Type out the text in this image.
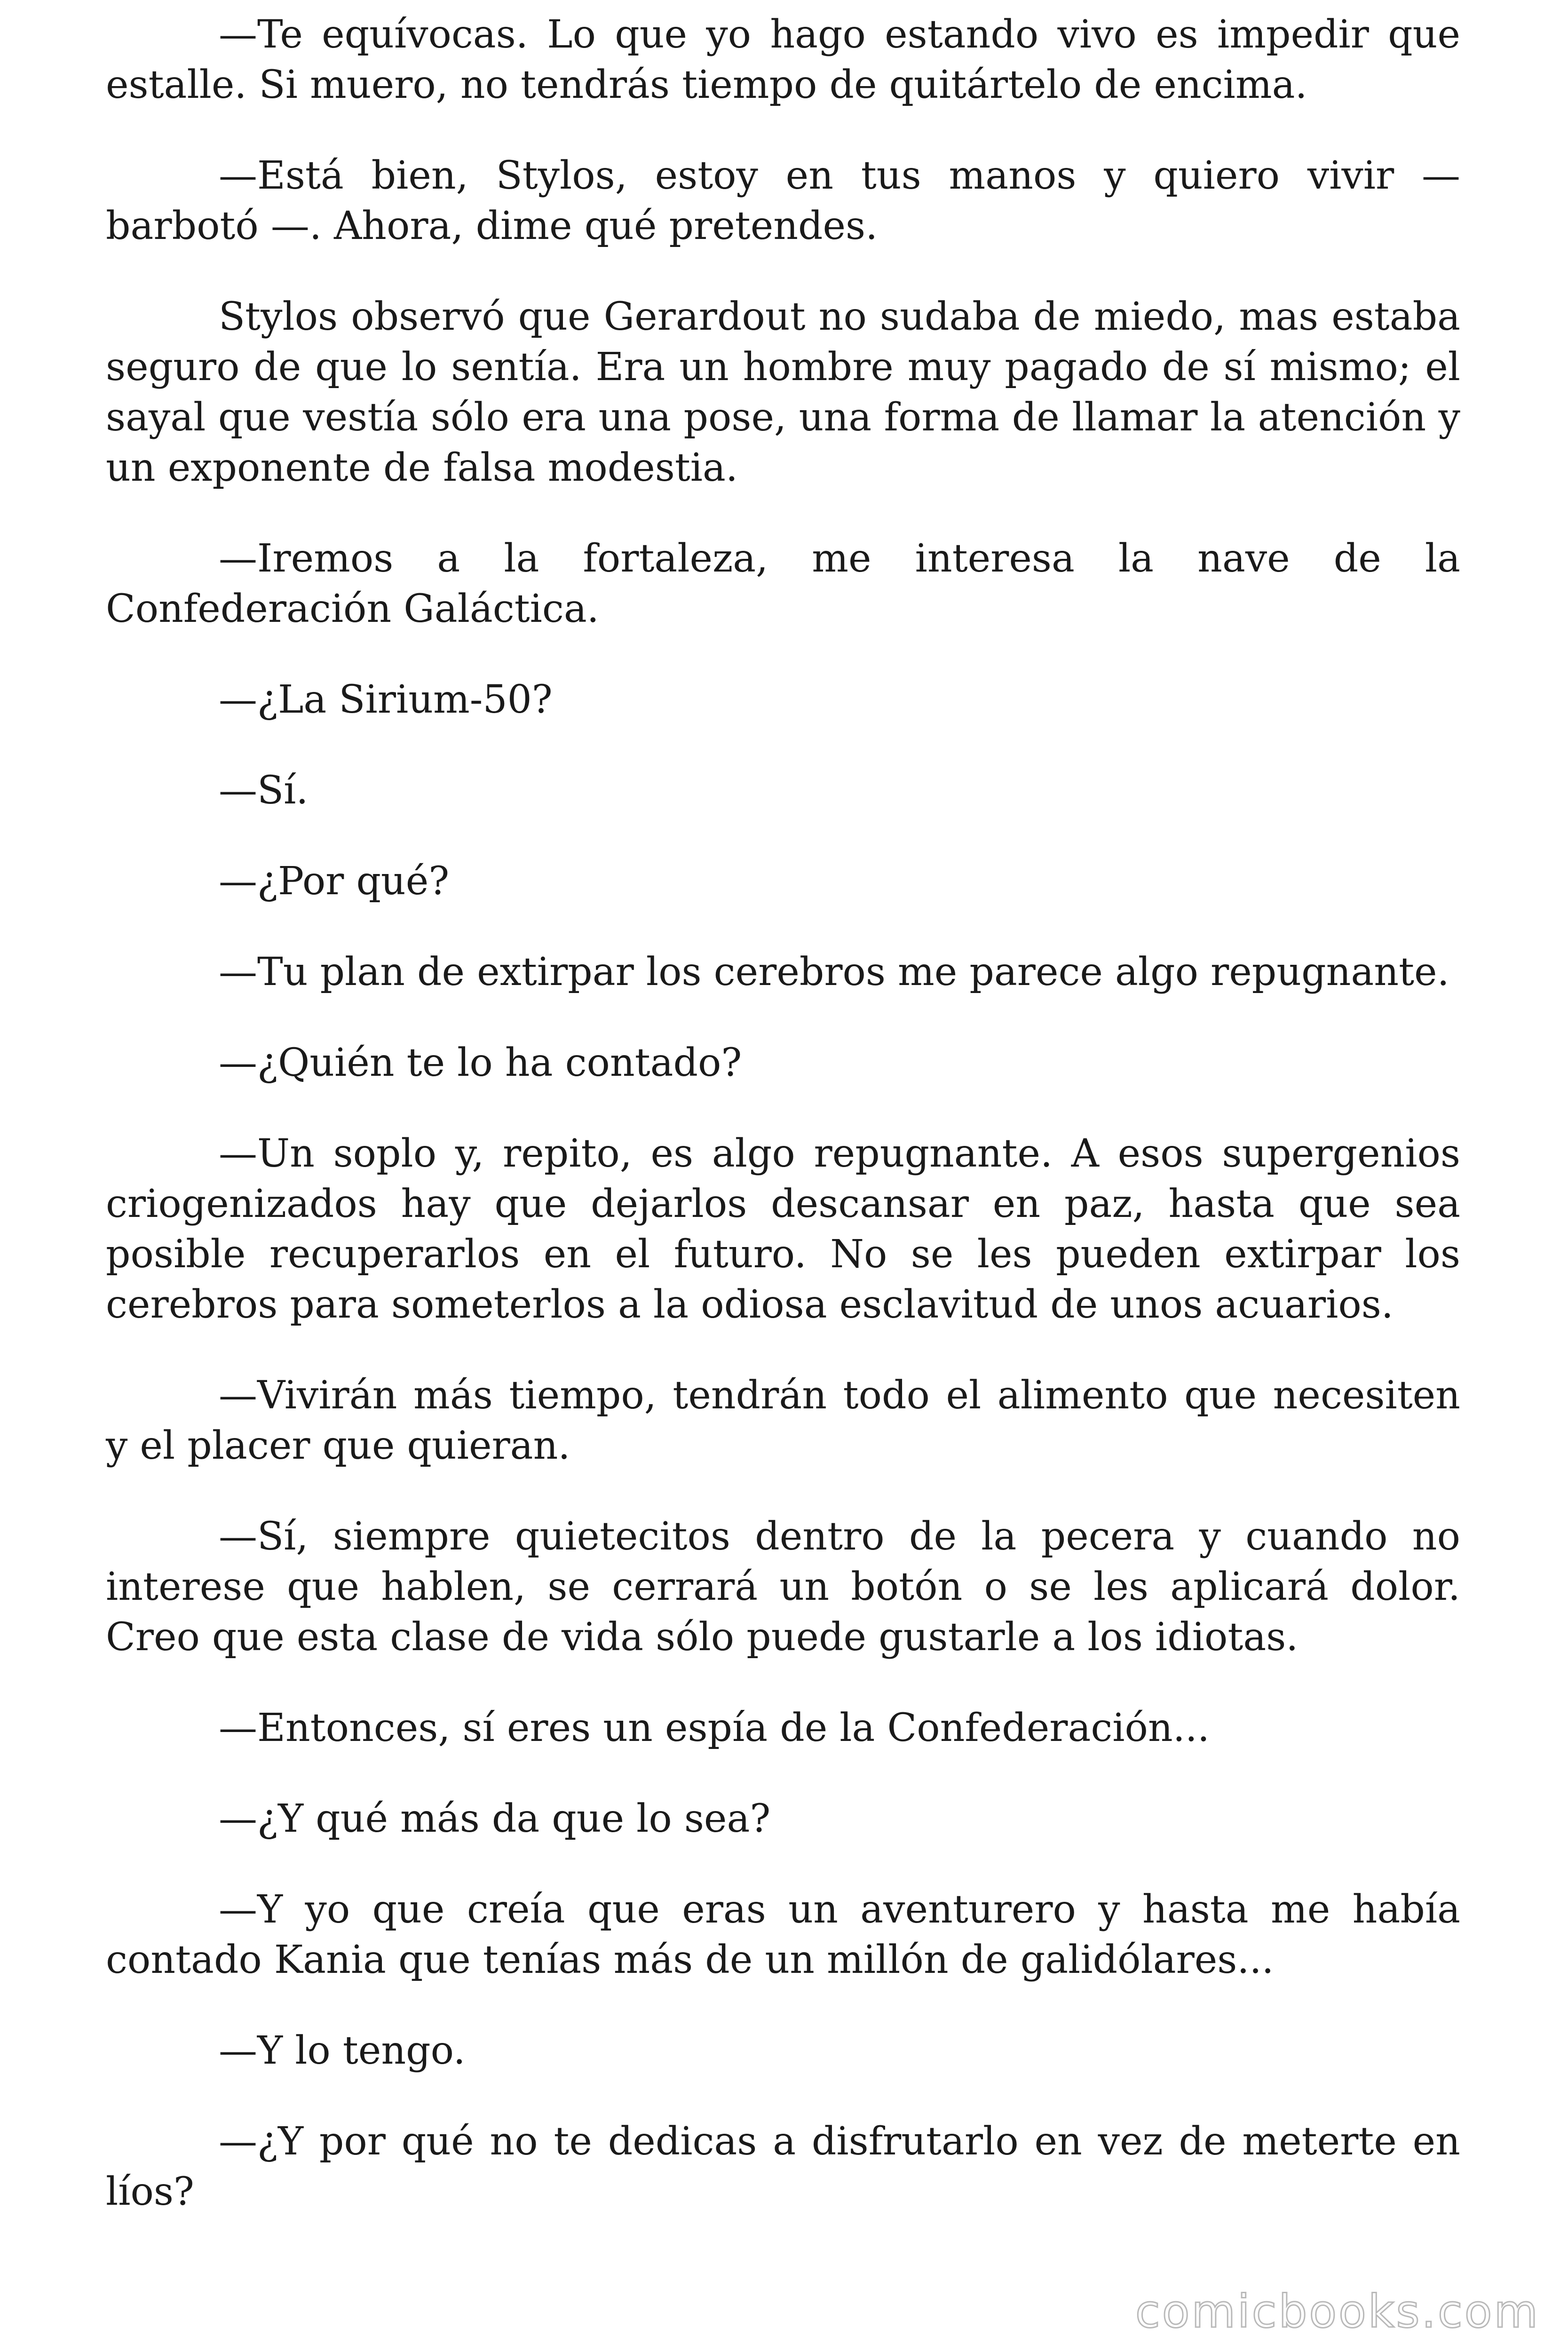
—Te equívocas. Lo que yo hago estando vivo es impedir que estalle. Si muero, no tendrás tiempo de quitártelo de encima.

—Está bien, Stylos, estoy en tus manos y quiero vivir — barbotó —. Ahora, dime qué pretendes.

Stylos observó que Gerardout no sudaba de miedo, mas estaba seguro de que lo sentía. Era un hombre muy pagado de sí mismo; el sayal que vestía sólo era una pose, una forma de llamar la atención y un exponente de falsa modestia.

—Iremos a la fortaleza, me interesa la nave de la Confederación Galáctica.

—¿La Sirium-50?

—Sí.

—¿Por qué?

—Tu plan de extirpar los cerebros me parece algo repugnante.

—¿Quién te lo ha contado?

—Un soplo y, repito, es algo repugnante. A esos supergenios criogenizados hay que dejarlos descansar en paz, hasta que sea posible recuperarlos en el futuro. No se les pueden extirpar los cerebros para someterlos a la odiosa esclavitud de unos acuarios.

—Vivirán más tiempo, tendrán todo el alimento que necesiten y el placer que quieran.

—Sí, siempre quietecitos dentro de la pecera y cuando no interese que hablen, se cerrará un botón o se les aplicará dolor. Creo que esta clase de vida sólo puede gustarle a los idiotas.

—Entonces, sí eres un espía de la Confederación...

—¿Y qué más da que lo sea?

—Y yo que creía que eras un aventurero y hasta me había contado Kania que tenías más de un millón de galidólares...

—Y lo tengo.

—¿Y por qué no te dedicas a disfrutarlo en vez de meterte en líos?

comicbooks.com
